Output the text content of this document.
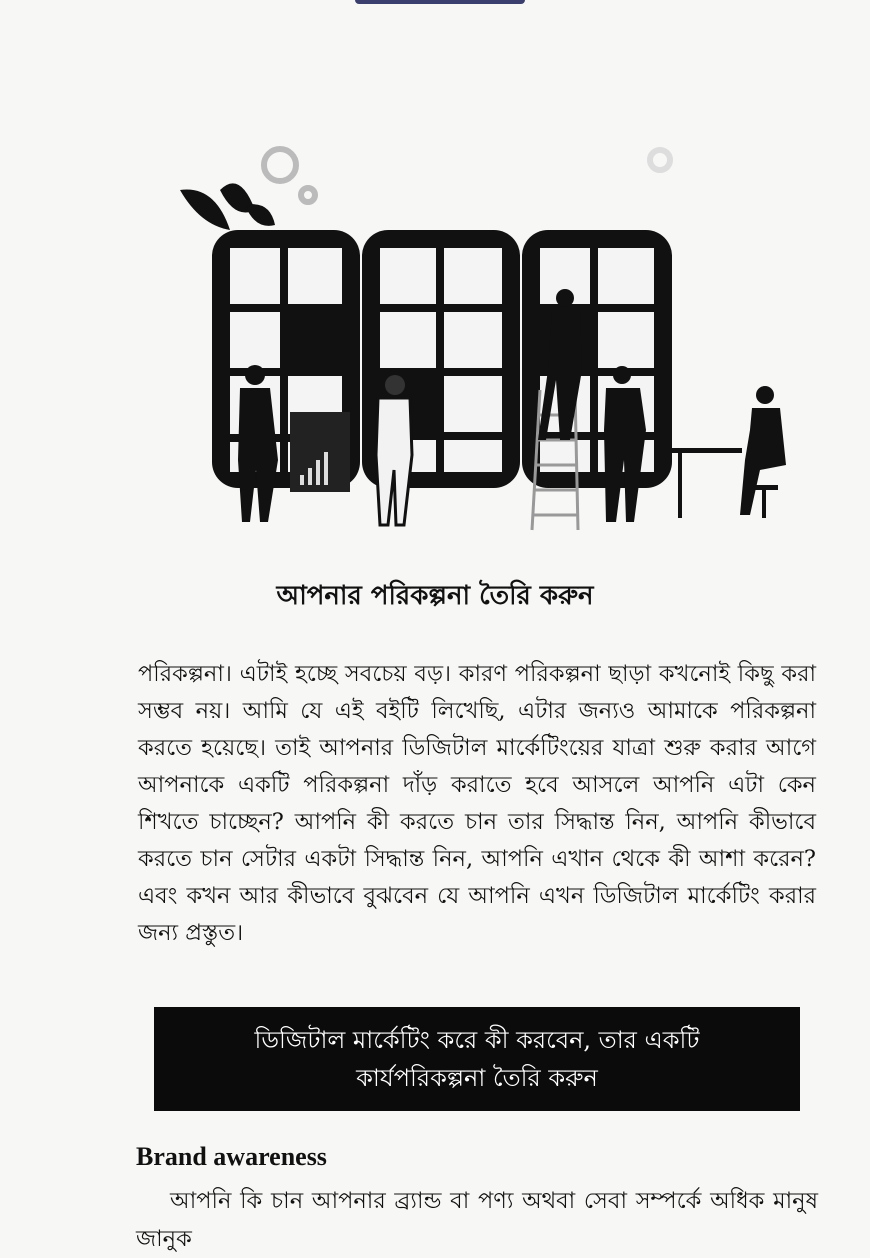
আপনার পরিকল্পনা তৈরি করুন

পরিকল্পনা। এটাই হচ্ছে সবচেয় বড়। কারণ পরিকল্পনা ছাড়া কখনোই কিছু করা সম্ভব নয়। আমি যে এই বইটি লিখেছি, এটার জন্যও আমাকে পরিকল্পনা করতে হয়েছে। তাই আপনার ডিজিটাল মার্কেটিংয়ের যাত্রা শুরু করার আগে আপনাকে একটি পরিকল্পনা দাঁড় করাতে হবে আসলে আপনি এটা কেন শিখতে চাচ্ছেন? আপনি কী করতে চান তার সিদ্ধান্ত নিন, আপনি কীভাবে করতে চান সেটার একটা সিদ্ধান্ত নিন, আপনি এখান থেকে কী আশা করেন? এবং কখন আর কীভাবে বুঝবেন যে আপনি এখন ডিজিটাল মার্কেটিং করার জন্য প্রস্তুত।

ডিজিটাল মার্কেটিং করে কী করবেন, তার একটি
কার্যপরিকল্পনা তৈরি করুন
Brand awareness

আপনি কি চান আপনার ব্র্যান্ড বা পণ্য অথবা সেবা সম্পর্কে অধিক মানুষ জানুক
